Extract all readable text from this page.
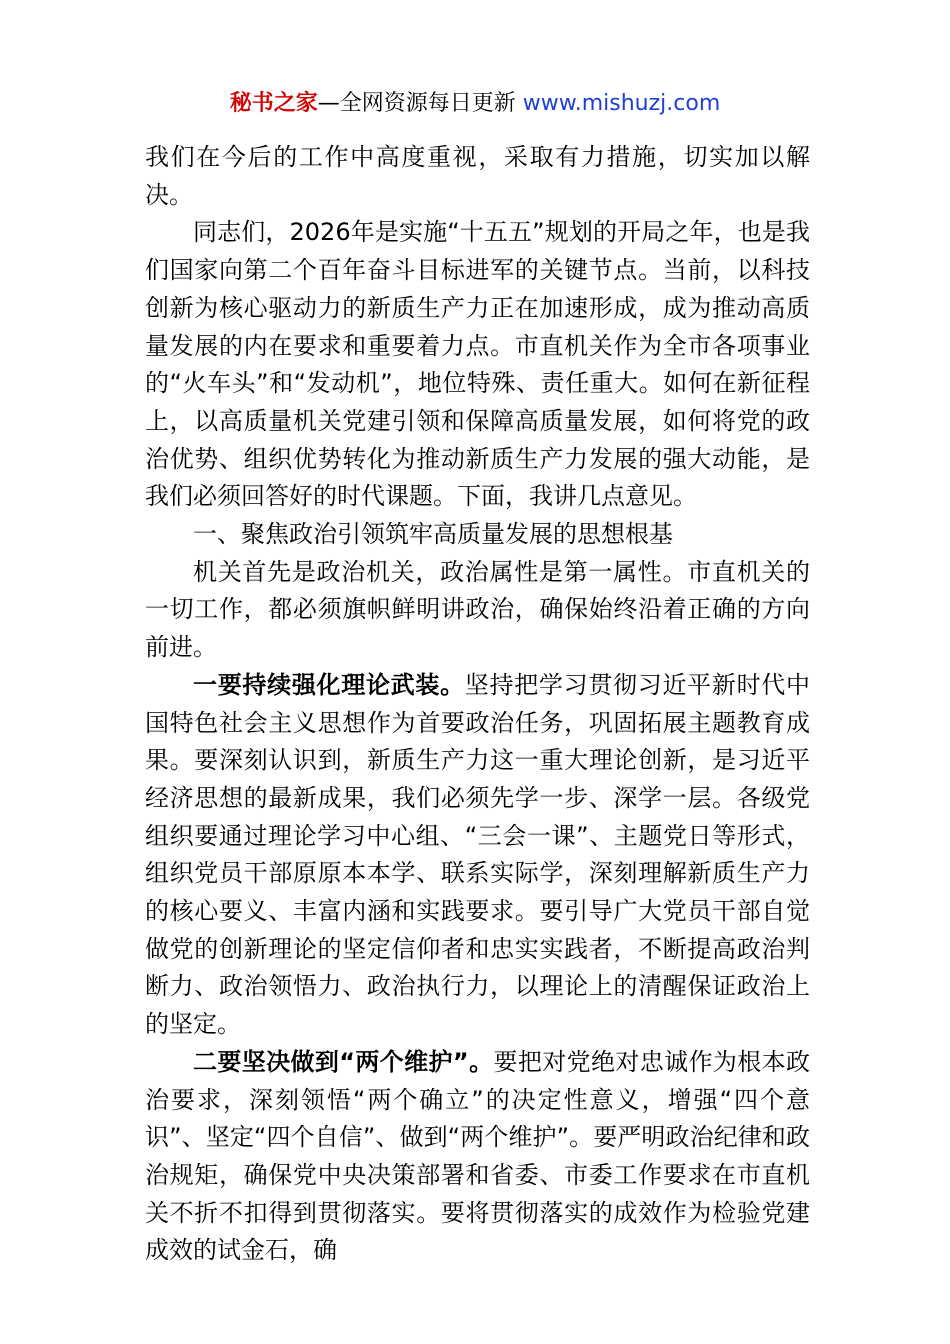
秘书之家—全网资源每日更新 www.mishuzj.com

我们在今后的工作中高度重视，采取有力措施，切实加以解决。

同志们，2026年是实施“十五五”规划的开局之年，也是我们国家向第二个百年奋斗目标进军的关键节点。当前，以科技创新为核心驱动力的新质生产力正在加速形成，成为推动高质量发展的内在要求和重要着力点。市直机关作为全市各项事业的“火车头”和“发动机”，地位特殊、责任重大。如何在新征程上，以高质量机关党建引领和保障高质量发展，如何将党的政治优势、组织优势转化为推动新质生产力发展的强大动能，是我们必须回答好的时代课题。下面，我讲几点意见。

一、聚焦政治引领筑牢高质量发展的思想根基

机关首先是政治机关，政治属性是第一属性。市直机关的一切工作，都必须旗帜鲜明讲政治，确保始终沿着正确的方向前进。

一要持续强化理论武装。坚持把学习贯彻习近平新时代中国特色社会主义思想作为首要政治任务，巩固拓展主题教育成果。要深刻认识到，新质生产力这一重大理论创新，是习近平经济思想的最新成果，我们必须先学一步、深学一层。各级党组织要通过理论学习中心组、“三会一课”、主题党日等形式，组织党员干部原原本本学、联系实际学，深刻理解新质生产力的核心要义、丰富内涵和实践要求。要引导广大党员干部自觉做党的创新理论的坚定信仰者和忠实实践者，不断提高政治判断力、政治领悟力、政治执行力，以理论上的清醒保证政治上的坚定。

二要坚决做到“两个维护”。要把对党绝对忠诚作为根本政治要求，深刻领悟“两个确立”的决定性意义，增强“四个意识”、坚定“四个自信”、做到“两个维护”。要严明政治纪律和政治规矩，确保党中央决策部署和省委、市委工作要求在市直机关不折不扣得到贯彻落实。要将贯彻落实的成效作为检验党建成效的试金石，确
